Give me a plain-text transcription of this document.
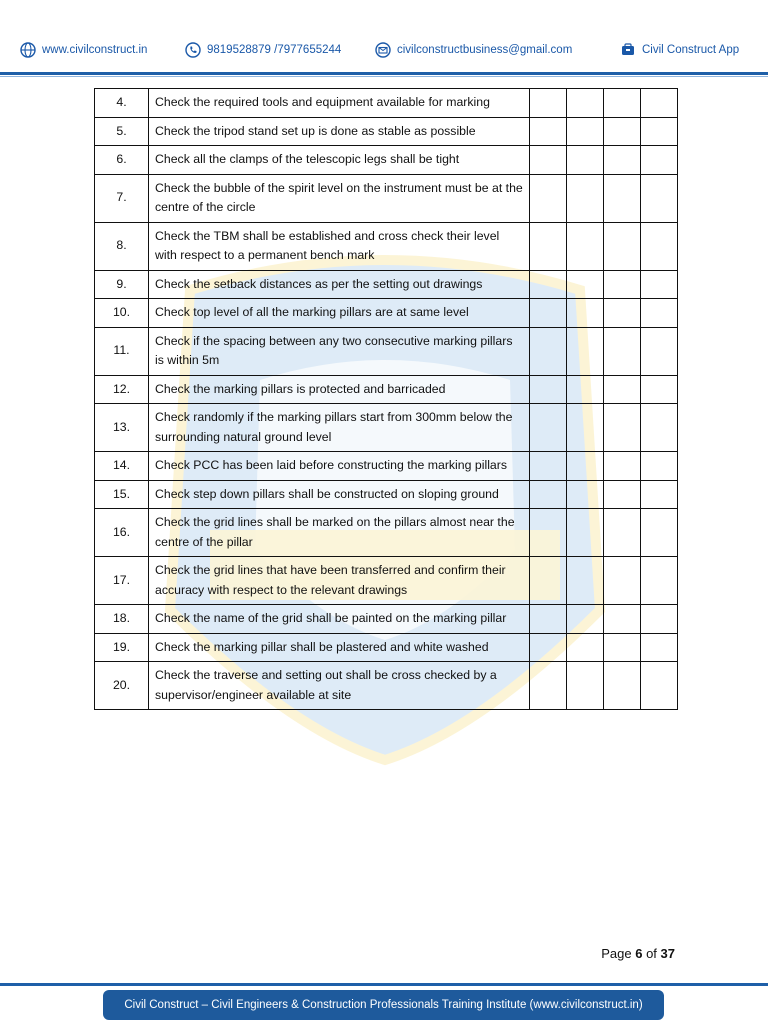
www.civilconstruct.in	9819528879 /7977655244	civilconstructbusiness@gmail.com	Civil Construct App
4.	Check the required tools and equipment available for marking				
5.	Check the tripod stand set up is done as stable as possible				
6.	Check all the clamps of the telescopic legs shall be tight				
7.	Check the bubble of the spirit level on the instrument must be at the centre of the circle				
8.	Check the TBM shall be established and cross check their level with respect to a permanent bench mark				
9.	Check the setback distances as per the setting out drawings				
10.	Check top level of all the marking pillars are at same level				
11.	Check if the spacing between any two consecutive marking pillars is within 5m				
12.	Check the marking pillars is protected and barricaded				
13.	Check randomly if the marking pillars start from 300mm below the surrounding natural ground level				
14.	Check PCC has been laid before constructing the marking pillars				
15.	Check step down pillars shall be constructed on sloping ground				
16.	Check the grid lines shall be marked on the pillars almost near the centre of the pillar				
17.	Check the grid lines that have been transferred and confirm their accuracy with respect to the relevant drawings				
18.	Check the name of the grid shall be painted on the marking pillar				
19.	Check the marking pillar shall be plastered and white washed				
20.	Check the traverse and setting out shall be cross checked by a supervisor/engineer available at site				
Page 6 of 37
Civil Construct – Civil Engineers & Construction Professionals Training Institute (www.civilconstruct.in)
